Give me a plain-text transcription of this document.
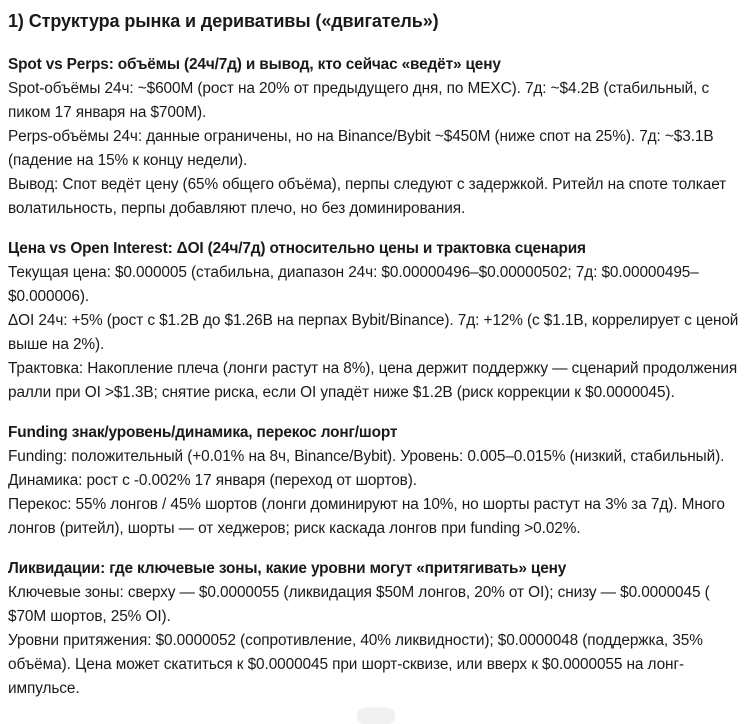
1) Структура рынка и деривативы («двигатель»)

Spot vs Perps: объёмы (24ч/7д) и вывод, кто сейчас «ведёт» цену

Spot-объёмы 24ч: ~$600M (рост на 20% от предыдущего дня, по MEXC). 7д: ~$4.2B (стабильный, с пиком 17 января на $700M).

Perps-объёмы 24ч: данные ограничены, но на Binance/Bybit ~$450M (ниже спот на 25%). 7д: ~$3.1B (падение на 15% к концу недели).

Вывод: Спот ведёт цену (65% общего объёма), перпы следуют с задержкой. Ритейл на споте толкает волатильность, перпы добавляют плечо, но без доминирования.

Цена vs Open Interest: ΔOI (24ч/7д) относительно цены и трактовка сценария

Текущая цена: $0.000005 (стабильна, диапазон 24ч: $0.00000496–$0.00000502; 7д: $0.00000495–$0.000006).

ΔOI 24ч: +5% (рост с $1.2B до $1.26B на перпах Bybit/Binance). 7д: +12% (с $1.1B, коррелирует с ценой выше на 2%).

Трактовка: Накопление плеча (лонги растут на 8%), цена держит поддержку — сценарий продолжения ралли при OI >$1.3B; снятие риска, если OI упадёт ниже $1.2B (риск коррекции к $0.0000045).

Funding знак/уровень/динамика, перекос лонг/шорт

Funding: положительный (+0.01% на 8ч, Binance/Bybit). Уровень: 0.005–0.015% (низкий, стабильный). Динамика: рост с -0.002% 17 января (переход от шортов).

Перекос: 55% лонгов / 45% шортов (лонги доминируют на 10%, но шорты растут на 3% за 7д). Много лонгов (ритейл), шорты — от хеджеров; риск каскада лонгов при funding >0.02%.

Ликвидации: где ключевые зоны, какие уровни могут «притягивать» цену

Ключевые зоны: сверху — $0.0000055 (ликвидация $50M лонгов, 20% от OI); снизу — $0.0000045 ( $70M шортов, 25% OI).

Уровни притяжения: $0.0000052 (сопротивление, 40% ликвидности); $0.0000048 (поддержка, 35% объёма). Цена может скатиться к $0.0000045 при шорт-сквизе, или вверх к $0.0000055 на лонг-импульсе.
